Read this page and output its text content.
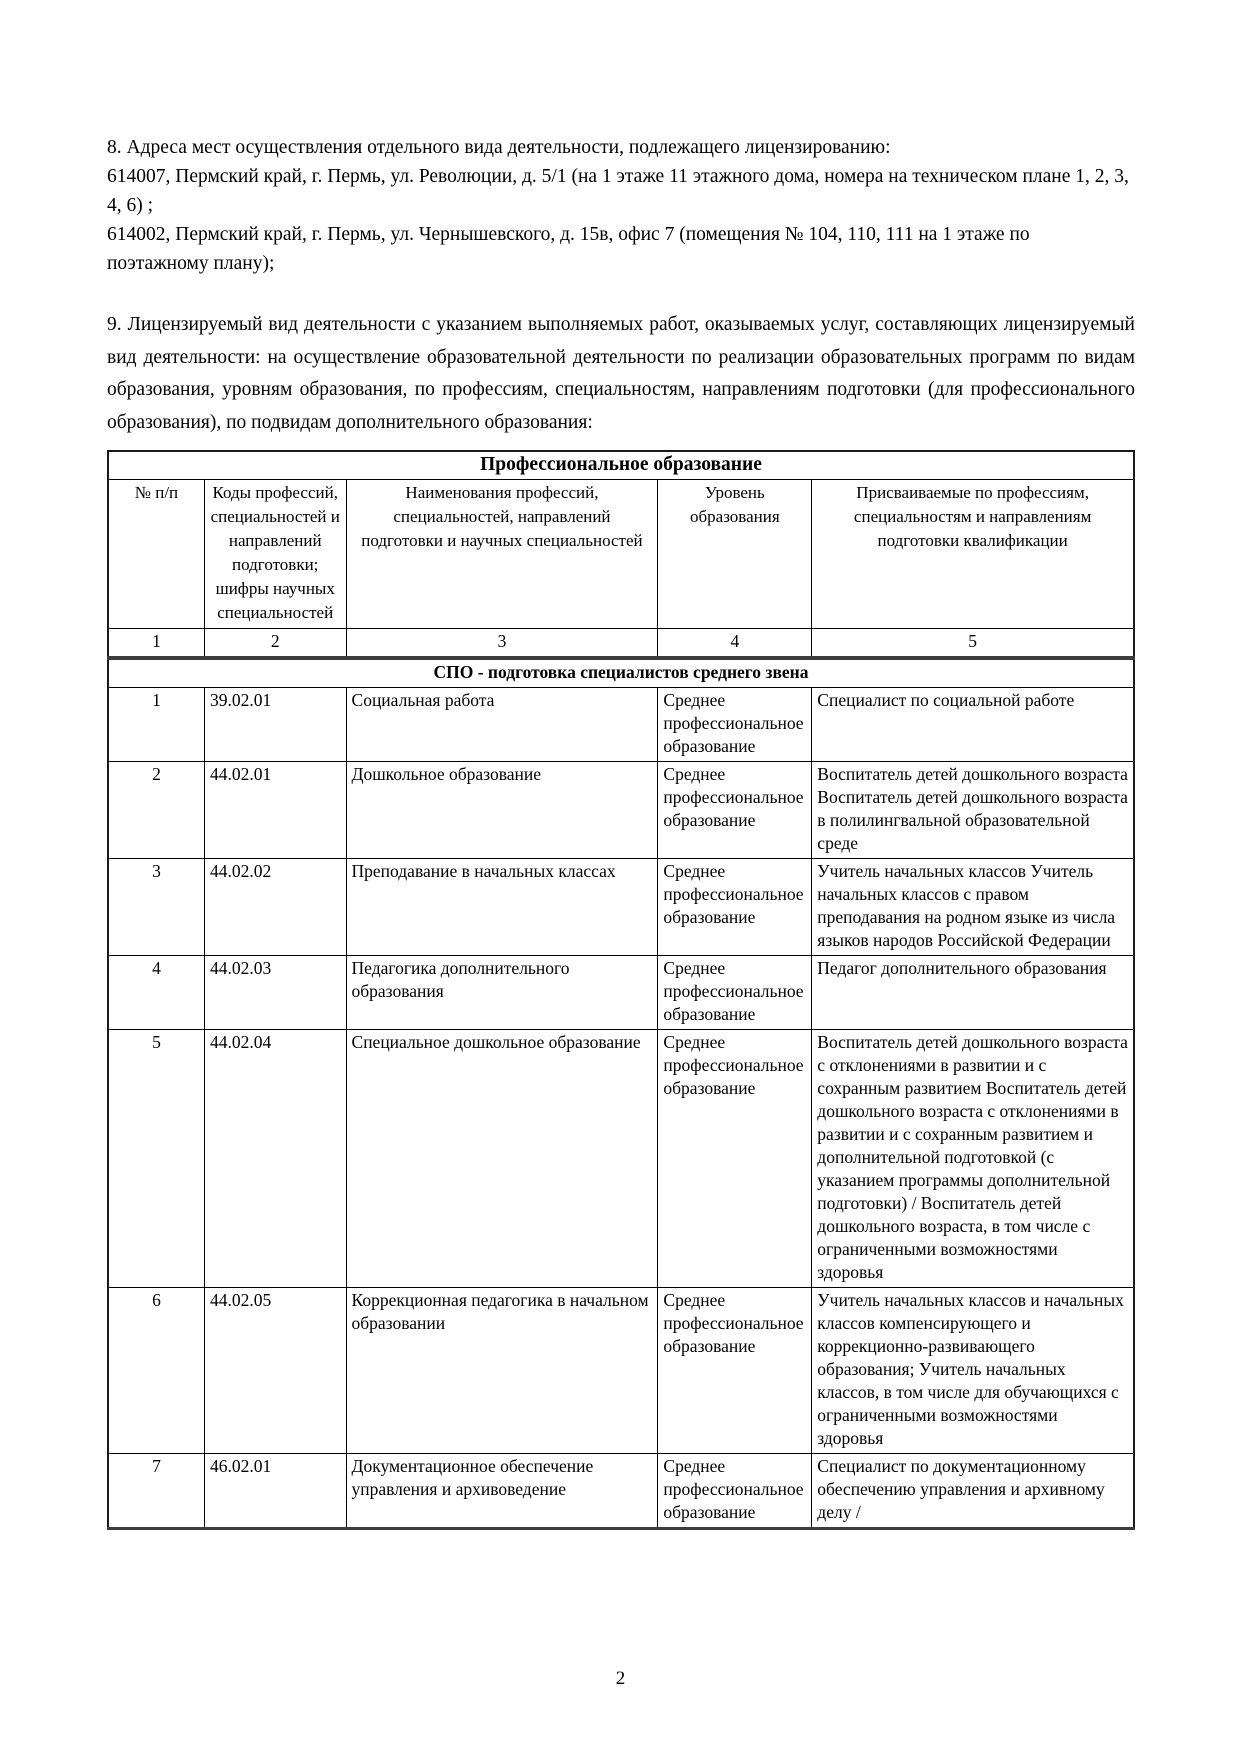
8. Адреса мест осуществления отдельного вида деятельности, подлежащего лицензированию:
614007, Пермский край, г. Пермь, ул. Революции, д. 5/1 (на 1 этаже 11 этажного дома, номера на техническом плане 1, 2, 3, 4, 6) ;
614002, Пермский край, г. Пермь, ул. Чернышевского, д. 15в, офис 7 (помещения № 104, 110, 111 на 1 этаже по поэтажному плану);
9. Лицензируемый вид деятельности с указанием выполняемых работ, оказываемых услуг, составляющих лицензируемый вид деятельности: на осуществление образовательной деятельности по реализации образовательных программ по видам образования, уровням образования, по профессиям, специальностям, направлениям подготовки (для профессионального образования), по подвидам дополнительного образования:
Профессиональное образование				
№ п/п	Коды профессий, специальностей и направлений подготовки; шифры научных специальностей	Наименования профессий, специальностей, направлений подготовки и научных специальностей	Уровень образования	Присваиваемые по профессиям, специальностям и направлениям подготовки квалификации
1	2	3	4	5
СПО - подготовка специалистов среднего звена				
1	39.02.01	Социальная работа	Среднее профессиональное образование	Специалист по социальной работе
2	44.02.01	Дошкольное образование	Среднее профессиональное образование	Воспитатель детей дошкольного возраста Воспитатель детей дошкольного возраста в полилингвальной образовательной среде
3	44.02.02	Преподавание в начальных классах	Среднее профессиональное образование	Учитель начальных классов Учитель начальных классов с правом преподавания на родном языке из числа языков народов Российской Федерации
4	44.02.03	Педагогика дополнительного образования	Среднее профессиональное образование	Педагог дополнительного образования
5	44.02.04	Специальное дошкольное образование	Среднее профессиональное образование	Воспитатель детей дошкольного возраста с отклонениями в развитии и с сохранным развитием Воспитатель детей дошкольного возраста с отклонениями в развитии и с сохранным развитием и дополнительной подготовкой (с указанием программы дополнительной подготовки) / Воспитатель детей дошкольного возраста, в том числе с ограниченными возможностями здоровья
6	44.02.05	Коррекционная педагогика в начальном образовании	Среднее профессиональное образование	Учитель начальных классов и начальных классов компенсирующего и коррекционно-развивающего образования; Учитель начальных классов, в том числе для обучающихся с ограниченными возможностями здоровья
7	46.02.01	Документационное обеспечение управления и архивоведение	Среднее профессиональное образование	Специалист по документационному обеспечению управления и архивному делу /
2
